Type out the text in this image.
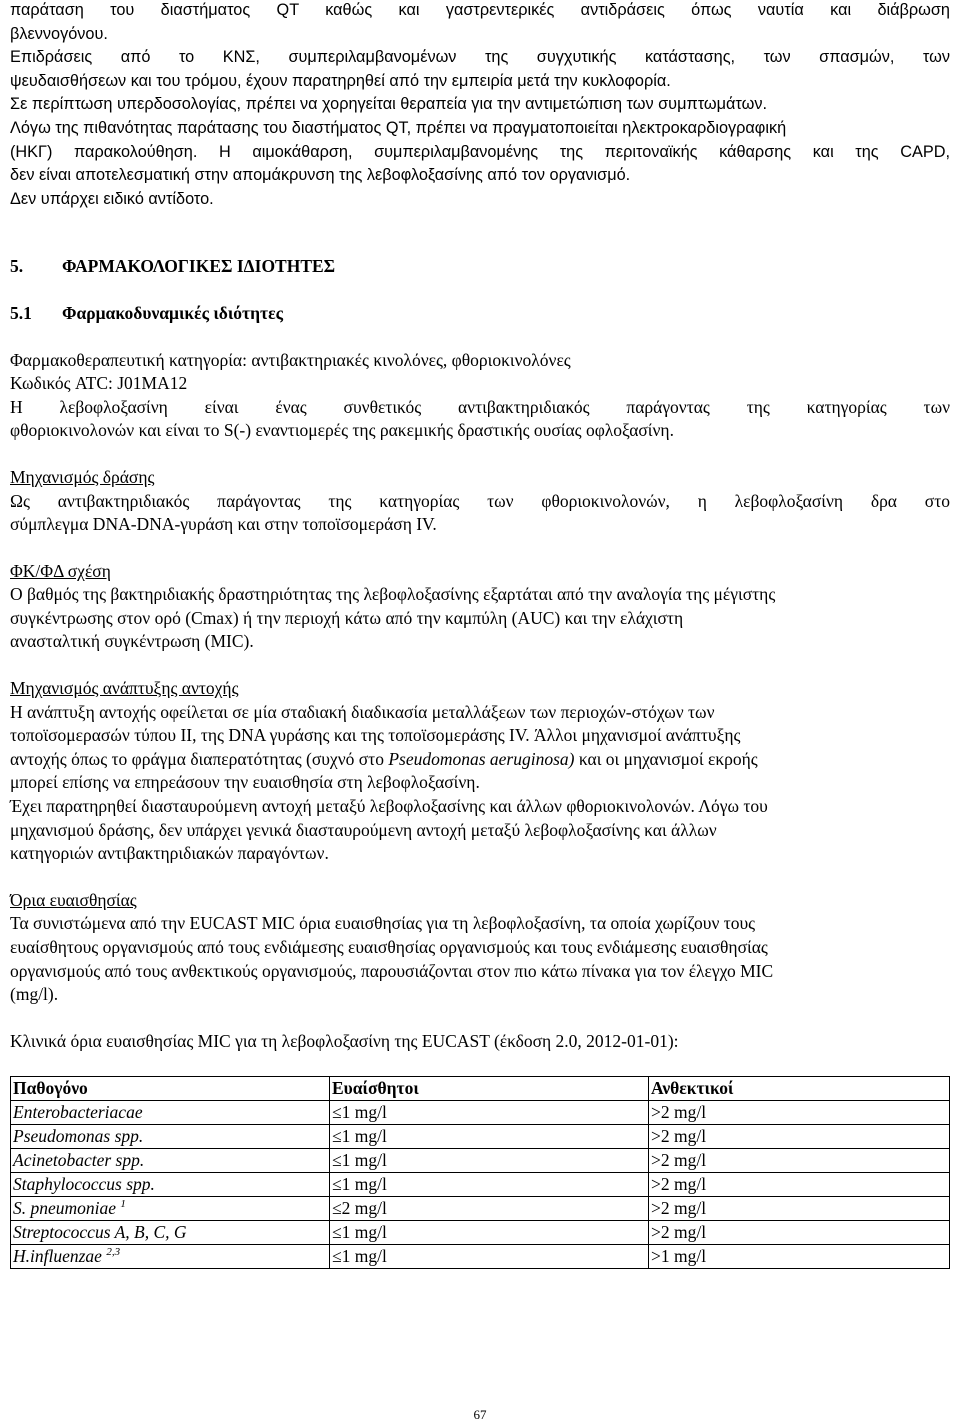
παράταση του διαστήματος QT καθώς και γαστρεντερικές αντιδράσεις όπως ναυτία και διάβρωση

βλεννογόνου.

Επιδράσεις από το ΚΝΣ, συμπεριλαμβανομένων της συγχυτικής κατάστασης, των σπασμών, των

ψευδαισθήσεων και του τρόμου, έχουν παρατηρηθεί από την εμπειρία μετά την κυκλοφορία.

Σε περίπτωση υπερδοσολογίας, πρέπει να χορηγείται θεραπεία για την αντιμετώπιση των συμπτωμάτων.

Λόγω της πιθανότητας παράτασης του διαστήματος QT, πρέπει να πραγματοποιείται ηλεκτροκαρδιογραφική

(ΗΚΓ) παρακολούθηση. Η αιμοκάθαρση, συμπεριλαμβανομένης της περιτοναϊκής κάθαρσης και της CAPD,

δεν είναι αποτελεσματική στην απομάκρυνση της λεβοφλοξασίνης από τον οργανισμό.

Δεν υπάρχει ειδικό αντίδοτο.

5. ΦΑΡΜΑΚΟΛΟΓΙΚΕΣ ΙΔΙΟΤΗΤΕΣ

5.1 Φαρμακοδυναμικές ιδιότητες

Φαρμακοθεραπευτική κατηγορία: αντιβακτηριακές κινολόνες, φθοριοκινολόνες

Κωδικός ATC: J01MA12

Η λεβοφλοξασίνη είναι ένας συνθετικός αντιβακτηριδιακός παράγοντας της κατηγορίας των

φθοριοκινολονών και είναι το S(-) εναντιομερές της ρακεμικής δραστικής ουσίας οφλοξασίνη.

Μηχανισμός δράσης

Ως αντιβακτηριδιακός παράγοντας της κατηγορίας των φθοριοκινολονών, η λεβοφλοξασίνη δρα στο

σύμπλεγμα DNA-DNA-γυράση και στην τοποϊσομεράση IV.

ΦΚ/ΦΔ σχέση

Ο βαθμός της βακτηριδιακής δραστηριότητας της λεβοφλοξασίνης εξαρτάται από την αναλογία της μέγιστης

συγκέντρωσης στον ορό (Cmax) ή την περιοχή κάτω από την καμπύλη (AUC) και την ελάχιστη

ανασταλτική συγκέντρωση (MIC).

Μηχανισμός ανάπτυξης αντοχής

Η ανάπτυξη αντοχής οφείλεται σε μία σταδιακή διαδικασία μεταλλάξεων των περιοχών-στόχων των

τοποϊσομερασών τύπου II, της DNA γυράσης και της τοποϊσομεράσης IV. Άλλοι μηχανισμοί ανάπτυξης

αντοχής όπως το φράγμα διαπερατότητας (συχνό στο Pseudomonas aeruginosa) και οι μηχανισμοί εκροής

μπορεί επίσης να επηρεάσουν την ευαισθησία στη λεβοφλοξασίνη.

Έχει παρατηρηθεί διασταυρούμενη αντοχή μεταξύ λεβοφλοξασίνης και άλλων φθοριοκινολονών. Λόγω του

μηχανισμού δράσης, δεν υπάρχει γενικά διασταυρούμενη αντοχή μεταξύ λεβοφλοξασίνης και άλλων

κατηγοριών αντιβακτηριδιακών παραγόντων.

Όρια ευαισθησίας

Τα συνιστώμενα από την EUCAST MIC όρια ευαισθησίας για τη λεβοφλοξασίνη, τα οποία χωρίζουν τους

ευαίσθητους οργανισμούς από τους ενδιάμεσης ευαισθησίας οργανισμούς και τους ενδιάμεσης ευαισθησίας

οργανισμούς από τους ανθεκτικούς οργανισμούς, παρουσιάζονται στον πιο κάτω πίνακα για τον έλεγχο MIC

(mg/l).

Κλινικά όρια ευαισθησίας MIC για τη λεβοφλοξασίνη της EUCAST (έκδοση 2.0, 2012-01-01):

Παθογόνο	Ευαίσθητοι	Ανθεκτικοί
Enterobacteriacae	≤1 mg/l	>2 mg/l
Pseudomonas spp.	≤1 mg/l	>2 mg/l
Acinetobacter spp.	≤1 mg/l	>2 mg/l
Staphylococcus spp.	≤1 mg/l	>2 mg/l
S. pneumoniae $^1$	≤2 mg/l	>2 mg/l
Streptococcus A, B, C, G	≤1 mg/l	>2 mg/l
H.influenzae $^{2,3}$	≤1 mg/l	>1 mg/l
67
